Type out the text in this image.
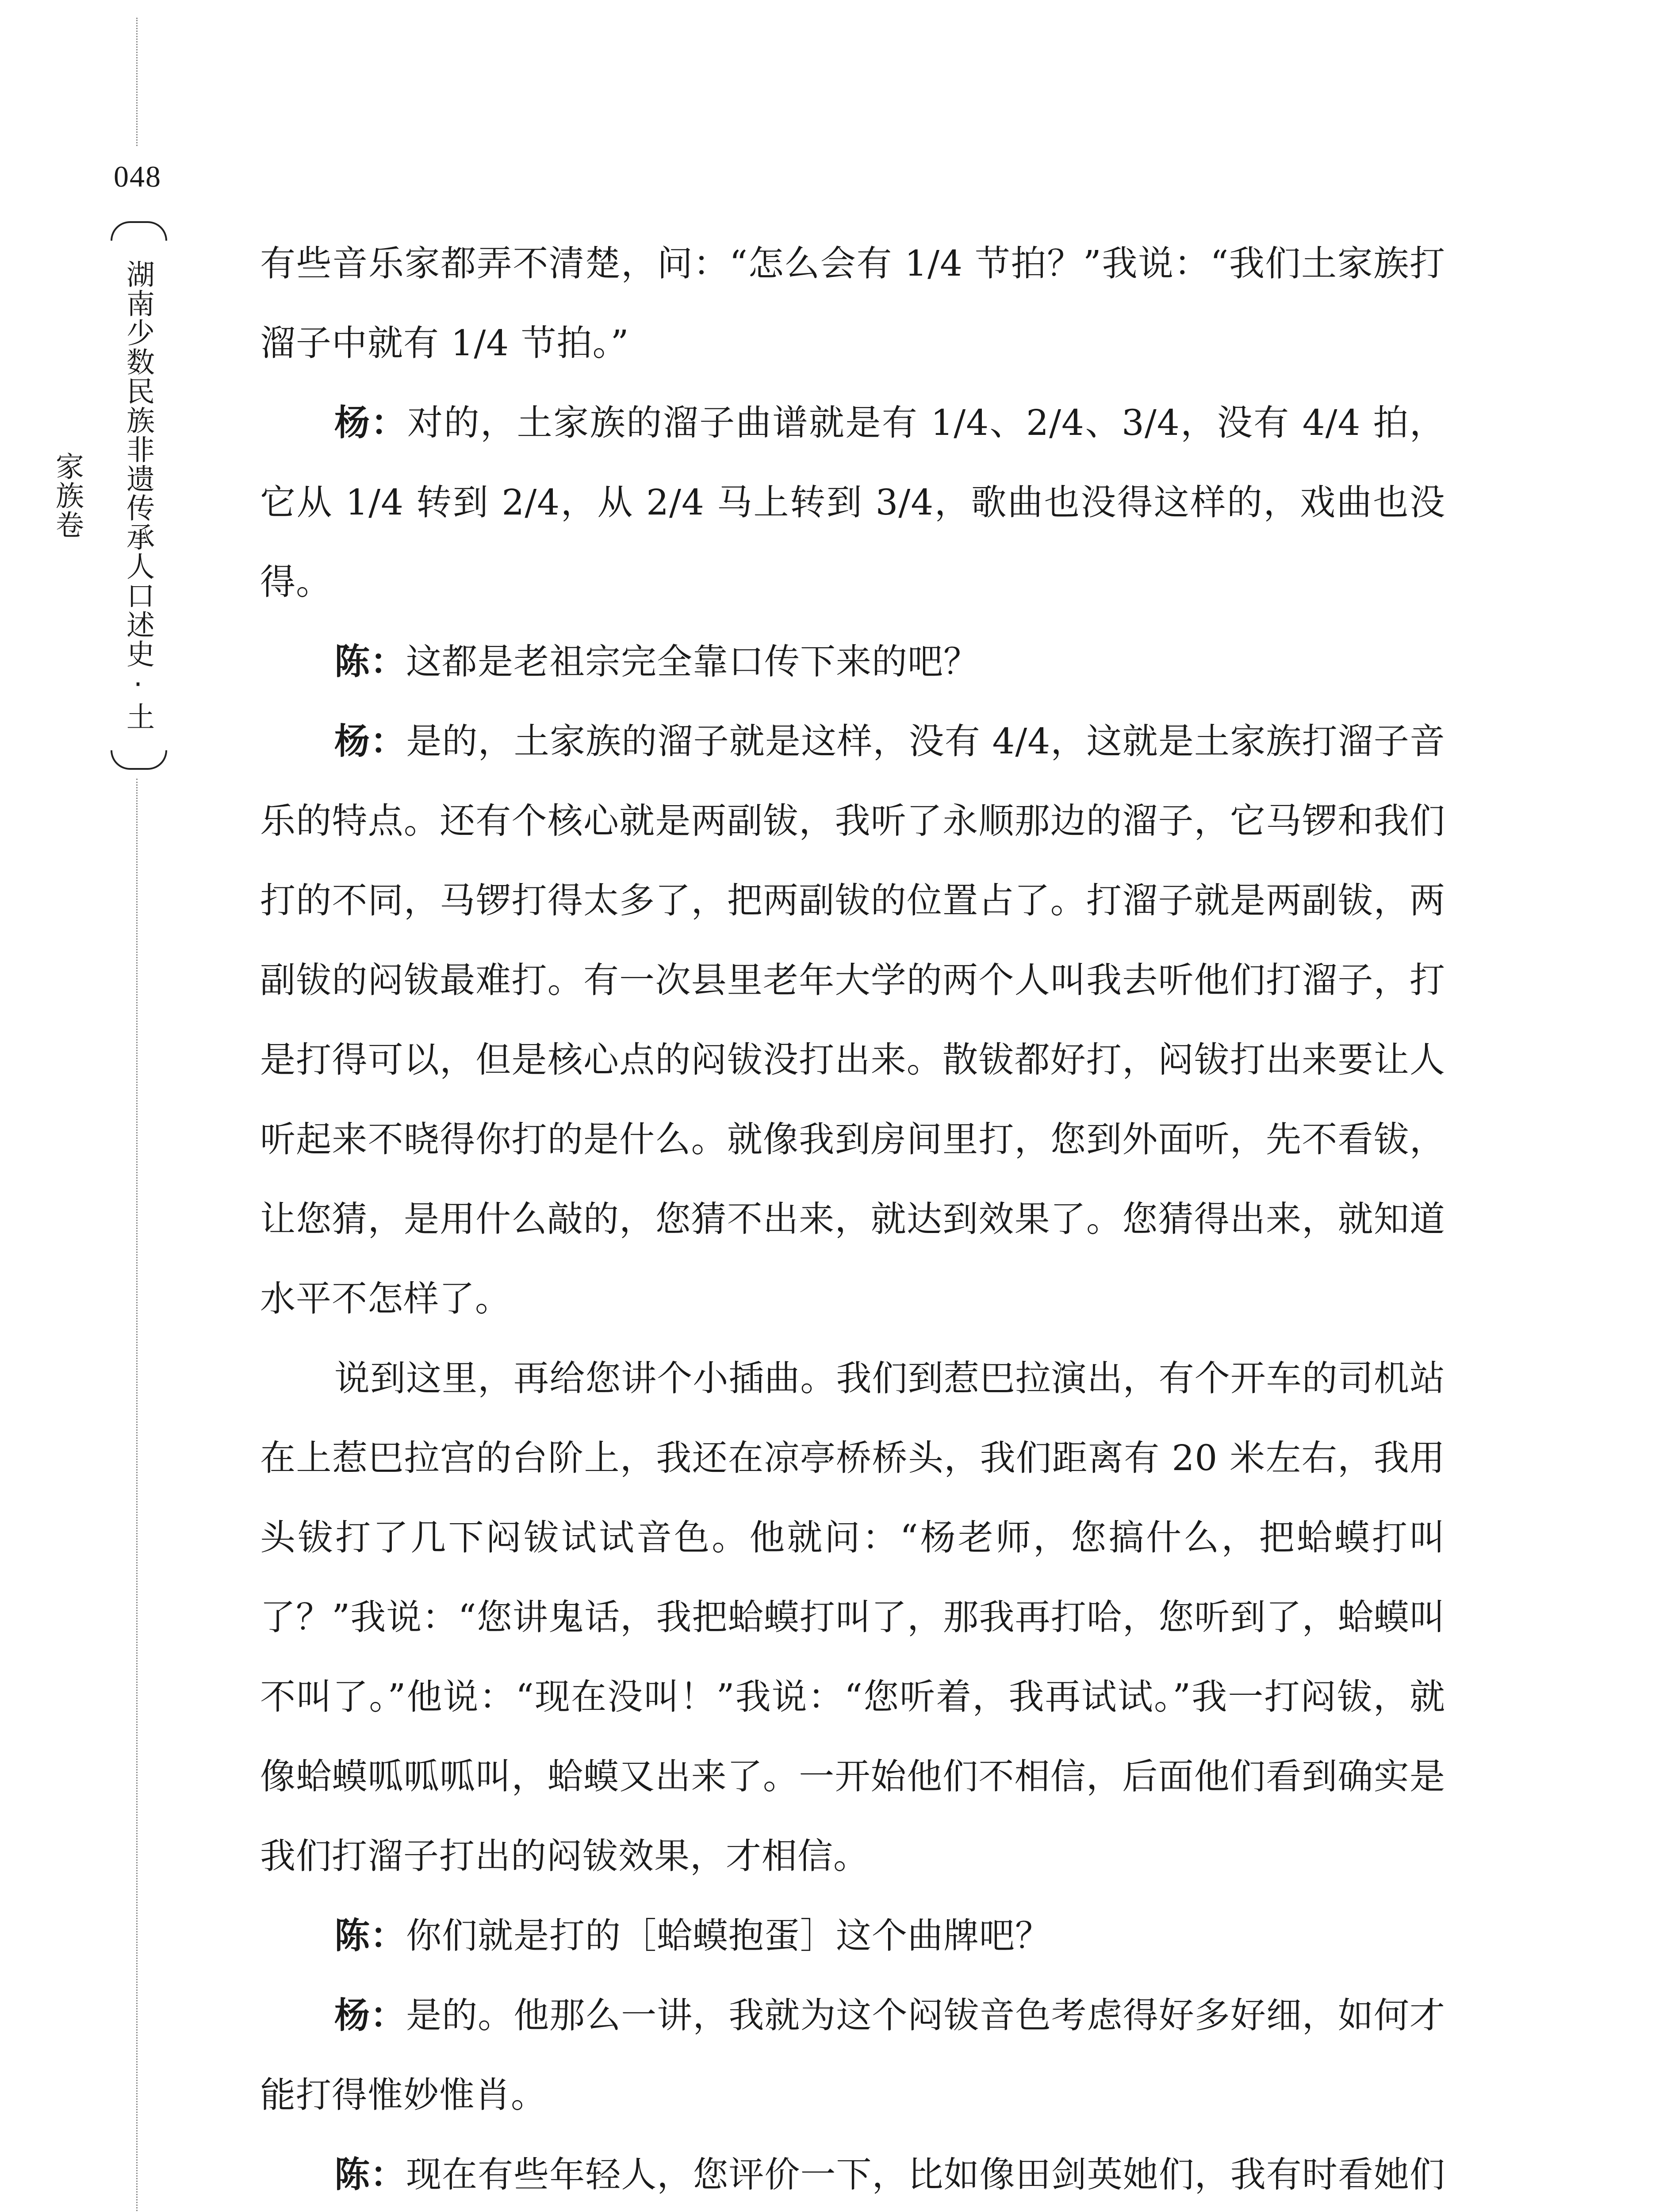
048
湖南少数民族非遗传承人口述史·土家族卷

有些音乐家都弄不清楚，问：“怎么会有 1/4 节拍？”我说：“我们土家族打溜子中就有 1/4 节拍。”

杨：对的，土家族的溜子曲谱就是有 1/4、2/4、3/4，没有 4/4 拍，它从 1/4 转到 2/4，从 2/4 马上转到 3/4，歌曲也没得这样的，戏曲也没得。

陈：这都是老祖宗完全靠口传下来的吧？

杨：是的，土家族的溜子就是这样，没有 4/4，这就是土家族打溜子音乐的特点。还有个核心就是两副钹，我听了永顺那边的溜子，它马锣和我们打的不同，马锣打得太多了，把两副钹的位置占了。打溜子就是两副钹，两副钹的闷钹最难打。有一次县里老年大学的两个人叫我去听他们打溜子，打是打得可以，但是核心点的闷钹没打出来。散钹都好打，闷钹打出来要让人听起来不晓得你打的是什么。就像我到房间里打，您到外面听，先不看钹，让您猜，是用什么敲的，您猜不出来，就达到效果了。您猜得出来，就知道水平不怎样了。

说到这里，再给您讲个小插曲。我们到惹巴拉演出，有个开车的司机站在上惹巴拉宫的台阶上，我还在凉亭桥桥头，我们距离有 20 米左右，我用头钹打了几下闷钹试试音色。他就问：“杨老师，您搞什么，把蛤蟆打叫了？”我说：“您讲鬼话，我把蛤蟆打叫了，那我再打哈，您听到了，蛤蟆叫不叫了。”他说：“现在没叫！”我说：“您听着，我再试试。”我一打闷钹，就像蛤蟆呱呱呱叫，蛤蟆又出来了。一开始他们不相信，后面他们看到确实是我们打溜子打出的闷钹效果，才相信。

陈：你们就是打的［蛤蟆抱蛋］这个曲牌吧？

杨：是的。他那么一讲，我就为这个闷钹音色考虑得好多好细，如何才能打得惟妙惟肖。

陈：现在有些年轻人，您评价一下，比如像田剑英她们，我有时看她们
